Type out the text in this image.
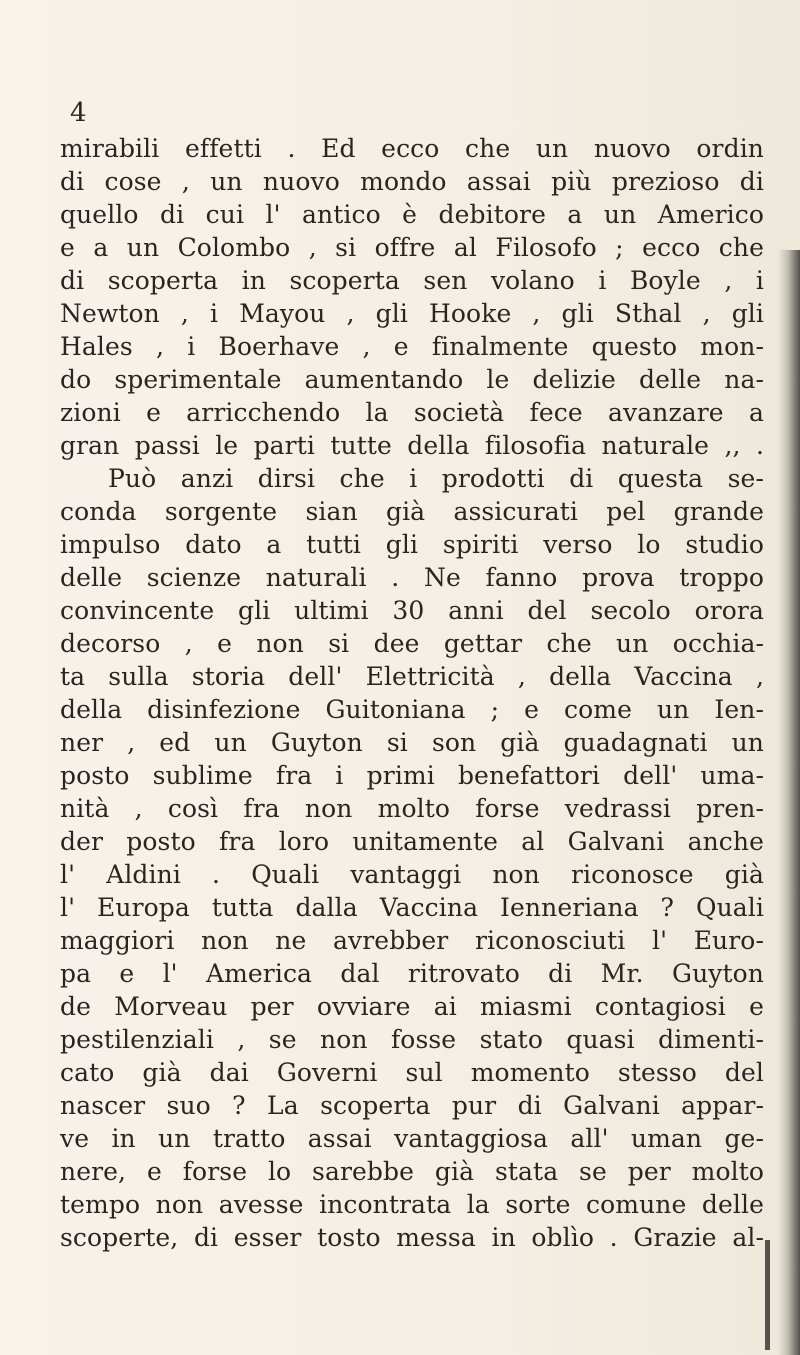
4
mirabili effetti . Ed ecco che un nuovo ordin
di cose , un nuovo mondo assai più prezioso di
quello di cui l' antico è debitore a un Americo
e a un Colombo , si offre al Filosofo ; ecco che
di scoperta in scoperta sen volano i Boyle , i
Newton , i Mayou , gli Hooke , gli Sthal , gli
Hales , i Boerhave , e finalmente questo mon-
do sperimentale aumentando le delizie delle na-
zioni e arricchendo la società fece avanzare a
gran passi le parti tutte della filosofia naturale ,, .
Può anzi dirsi che i prodotti di questa se-
conda sorgente sian già assicurati pel grande
impulso dato a tutti gli spiriti verso lo studio
delle scienze naturali . Ne fanno prova troppo
convincente gli ultimi 30 anni del secolo orora
decorso , e non si dee gettar che un occhia-
ta sulla storia dell' Elettricità , della Vaccina ,
della disinfezione Guitoniana ; e come un Ien-
ner , ed un Guyton si son già guadagnati un
posto sublime fra i primi benefattori dell' uma-
nità , così fra non molto forse vedrassi pren-
der posto fra loro unitamente al Galvani anche
l' Aldini . Quali vantaggi non riconosce già
l' Europa tutta dalla Vaccina Ienneriana ? Quali
maggiori non ne avrebber riconosciuti l' Euro-
pa e l' America dal ritrovato di Mr. Guyton
de Morveau per ovviare ai miasmi contagiosi e
pestilenziali , se non fosse stato quasi dimenti-
cato già dai Governi sul momento stesso del
nascer suo ? La scoperta pur di Galvani appar-
ve in un tratto assai vantaggiosa all' uman ge-
nere, e forse lo sarebbe già stata se per molto
tempo non avesse incontrata la sorte comune delle
scoperte, di esser tosto messa in oblìo . Grazie al-
